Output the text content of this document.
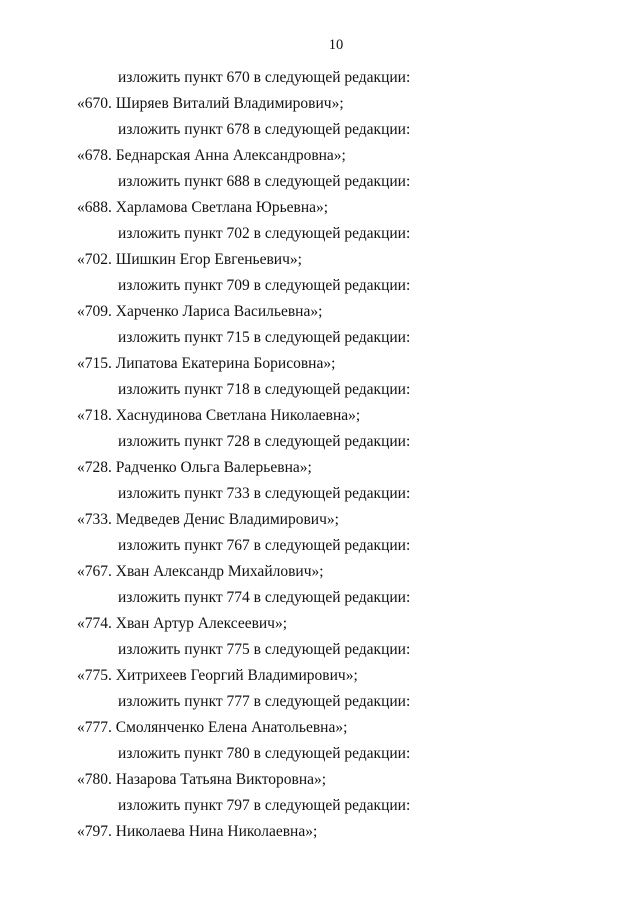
10
изложить пункт 670 в следующей редакции:
«670. Ширяев Виталий Владимирович»;
изложить пункт 678 в следующей редакции:
«678. Беднарская Анна Александровна»;
изложить пункт 688 в следующей редакции:
«688. Харламова Светлана Юрьевна»;
изложить пункт 702 в следующей редакции:
«702. Шишкин Егор Евгеньевич»;
изложить пункт 709 в следующей редакции:
«709. Харченко Лариса Васильевна»;
изложить пункт 715 в следующей редакции:
«715. Липатова Екатерина Борисовна»;
изложить пункт 718 в следующей редакции:
«718. Хаснудинова Светлана Николаевна»;
изложить пункт 728 в следующей редакции:
«728. Радченко Ольга Валерьевна»;
изложить пункт 733 в следующей редакции:
«733. Медведев Денис Владимирович»;
изложить пункт 767 в следующей редакции:
«767. Хван Александр Михайлович»;
изложить пункт 774 в следующей редакции:
«774. Хван Артур Алексеевич»;
изложить пункт 775 в следующей редакции:
«775. Хитрихеев Георгий Владимирович»;
изложить пункт 777 в следующей редакции:
«777. Смолянченко Елена Анатольевна»;
изложить пункт 780 в следующей редакции:
«780. Назарова Татьяна Викторовна»;
изложить пункт 797 в следующей редакции:
«797. Николаева Нина Николаевна»;
